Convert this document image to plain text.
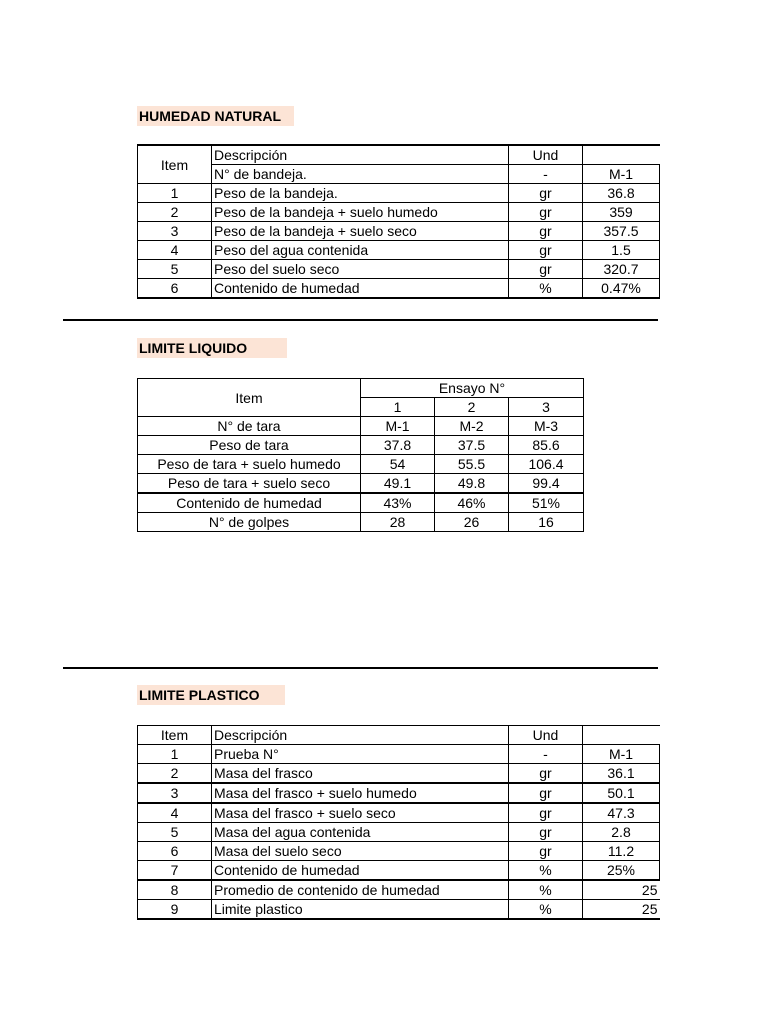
HUMEDAD NATURAL
Item	Descripción	Und	
	N° de bandeja.	-	M-1
1	Peso de la bandeja.	gr	36.8
2	Peso de la bandeja + suelo humedo	gr	359
3	Peso de la bandeja + suelo seco	gr	357.5
4	Peso del agua contenida	gr	1.5
5	Peso del suelo seco	gr	320.7
6	Contenido de humedad	%	0.47%
LIMITE LIQUIDO
Item	Ensayo N°		
	1	2	3
N° de tara	M-1	M-2	M-3
Peso de tara	37.8	37.5	85.6
Peso de tara + suelo humedo	54	55.5	106.4
Peso de tara + suelo seco	49.1	49.8	99.4
Contenido de humedad	43%	46%	51%
N° de golpes	28	26	16
LIMITE PLASTICO
Item	Descripción	Und	
1	Prueba N°	-	M-1
2	Masa del frasco	gr	36.1
3	Masa del frasco + suelo humedo	gr	50.1
4	Masa del frasco + suelo seco	gr	47.3
5	Masa del agua contenida	gr	2.8
6	Masa del suelo seco	gr	11.2
7	Contenido de humedad	%	25%
8	Promedio de contenido de humedad	%	25
9	Limite plastico	%	25
